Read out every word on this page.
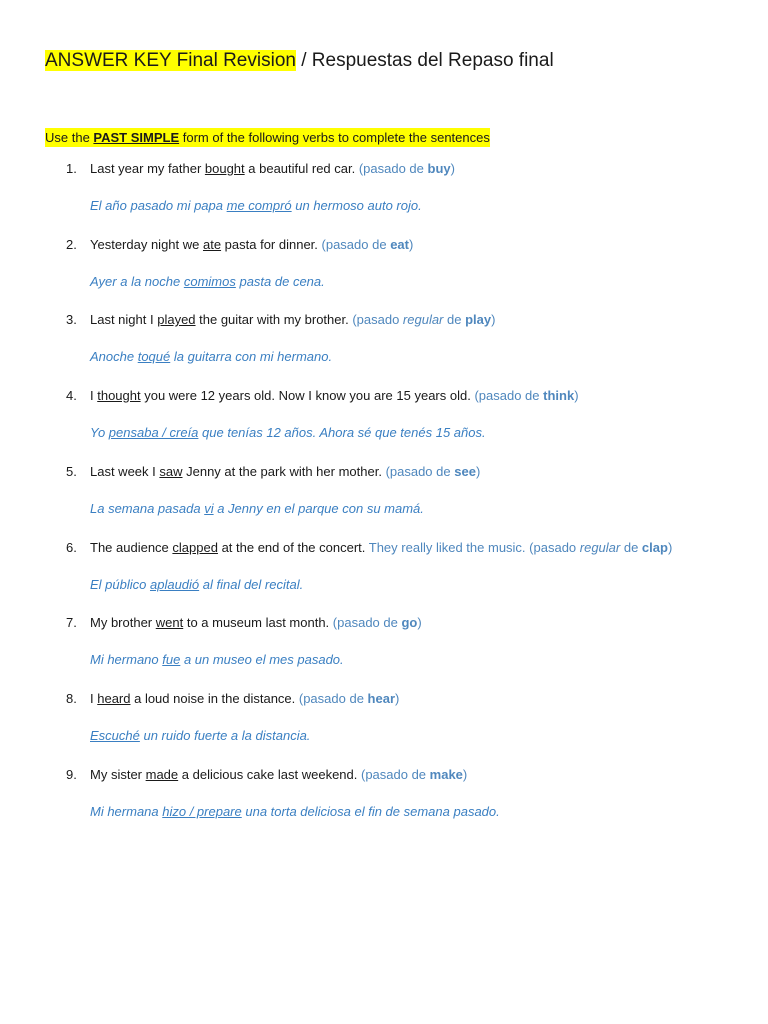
ANSWER KEY Final Revision / Respuestas del Repaso final
Use the PAST SIMPLE form of the following verbs to complete the sentences
1.	Last year my father bought a beautiful red car. (pasado de buy)
El año pasado mi papa me compró un hermoso auto rojo.
2.	Yesterday night we ate pasta for dinner. (pasado de eat)
Ayer a la noche comimos pasta de cena.
3.	Last night I played the guitar with my brother. (pasado regular de play)
Anoche toqué la guitarra con mi hermano.
4.	I thought you were 12 years old. Now I know you are 15 years old. (pasado de think)
Yo pensaba / creía que tenías 12 años. Ahora sé que tenés 15 años.
5.	Last week I saw Jenny at the park with her mother. (pasado de see)
La semana pasada vi a Jenny en el parque con su mamá.
6.	The audience clapped at the end of the concert. They really liked the music. (pasado regular de clap)
El público aplaudió al final del recital.
7.	My brother went to a museum last month. (pasado de go)
Mi hermano fue a un museo el mes pasado.
8.	I heard a loud noise in the distance. (pasado de hear)
Escuché un ruido fuerte a la distancia.
9.	My sister made a delicious cake last weekend. (pasado de make)
Mi hermana hizo / prepare una torta deliciosa el fin de semana pasado.
